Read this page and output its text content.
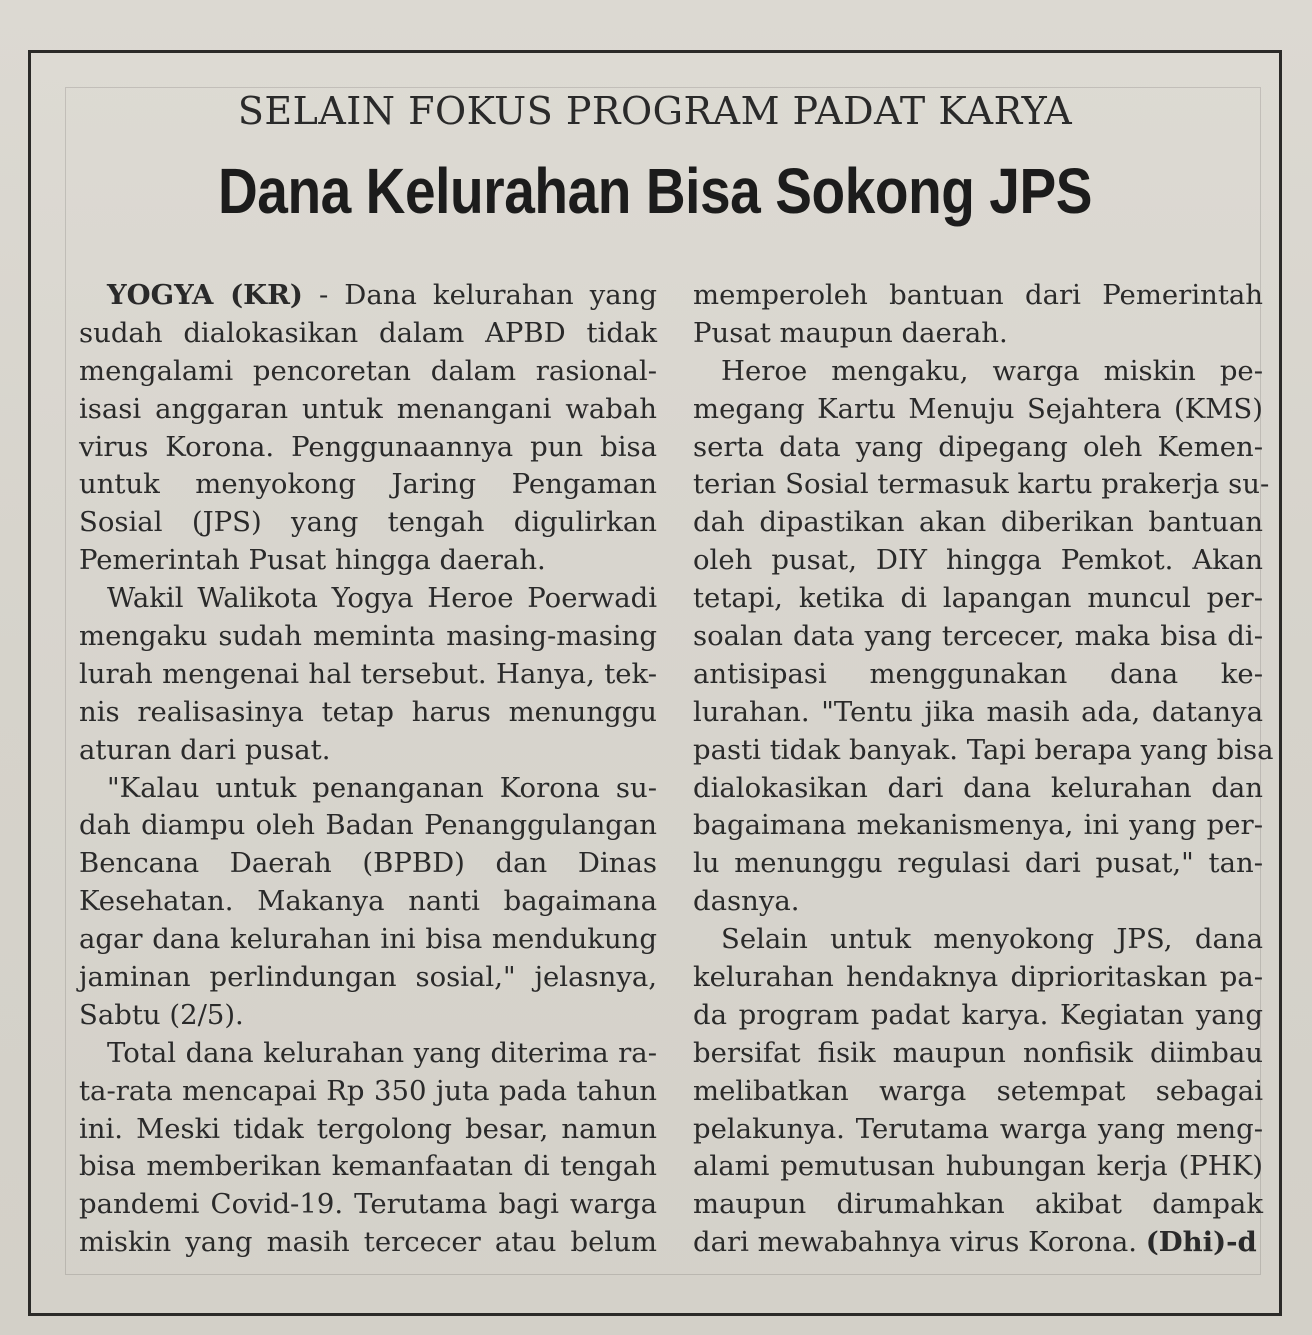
SELAIN FOKUS PROGRAM PADAT KARYA
Dana Kelurahan Bisa Sokong JPS
YOGYA (KR) - Dana kelurahan yang
sudah dialokasikan dalam APBD tidak
mengalami pencoretan dalam rasional-
isasi anggaran untuk menangani wabah
virus Korona. Penggunaannya pun bisa
untuk menyokong Jaring Pengaman
Sosial (JPS) yang tengah digulirkan
Pemerintah Pusat hingga daerah.
Wakil Walikota Yogya Heroe Poerwadi
mengaku sudah meminta masing-masing
lurah mengenai hal tersebut. Hanya, tek-
nis realisasinya tetap harus menunggu
aturan dari pusat.
"Kalau untuk penanganan Korona su-
dah diampu oleh Badan Penanggulangan
Bencana Daerah (BPBD) dan Dinas
Kesehatan. Makanya nanti bagaimana
agar dana kelurahan ini bisa mendukung
jaminan perlindungan sosial," jelasnya,
Sabtu (2/5).
Total dana kelurahan yang diterima ra-
ta-rata mencapai Rp 350 juta pada tahun
ini. Meski tidak tergolong besar, namun
bisa memberikan kemanfaatan di tengah
pandemi Covid-19. Terutama bagi warga
miskin yang masih tercecer atau belum
memperoleh bantuan dari Pemerintah
Pusat maupun daerah.
Heroe mengaku, warga miskin pe-
megang Kartu Menuju Sejahtera (KMS)
serta data yang dipegang oleh Kemen-
terian Sosial termasuk kartu prakerja su-
dah dipastikan akan diberikan bantuan
oleh pusat, DIY hingga Pemkot. Akan
tetapi, ketika di lapangan muncul per-
soalan data yang tercecer, maka bisa di-
antisipasi menggunakan dana ke-
lurahan. "Tentu jika masih ada, datanya
pasti tidak banyak. Tapi berapa yang bisa
dialokasikan dari dana kelurahan dan
bagaimana mekanismenya, ini yang per-
lu menunggu regulasi dari pusat," tan-
dasnya.
Selain untuk menyokong JPS, dana
kelurahan hendaknya diprioritaskan pa-
da program padat karya. Kegiatan yang
bersifat fisik maupun nonfisik diimbau
melibatkan warga setempat sebagai
pelakunya. Terutama warga yang meng-
alami pemutusan hubungan kerja (PHK)
maupun dirumahkan akibat dampak
dari mewabahnya virus Korona. (Dhi)-d
